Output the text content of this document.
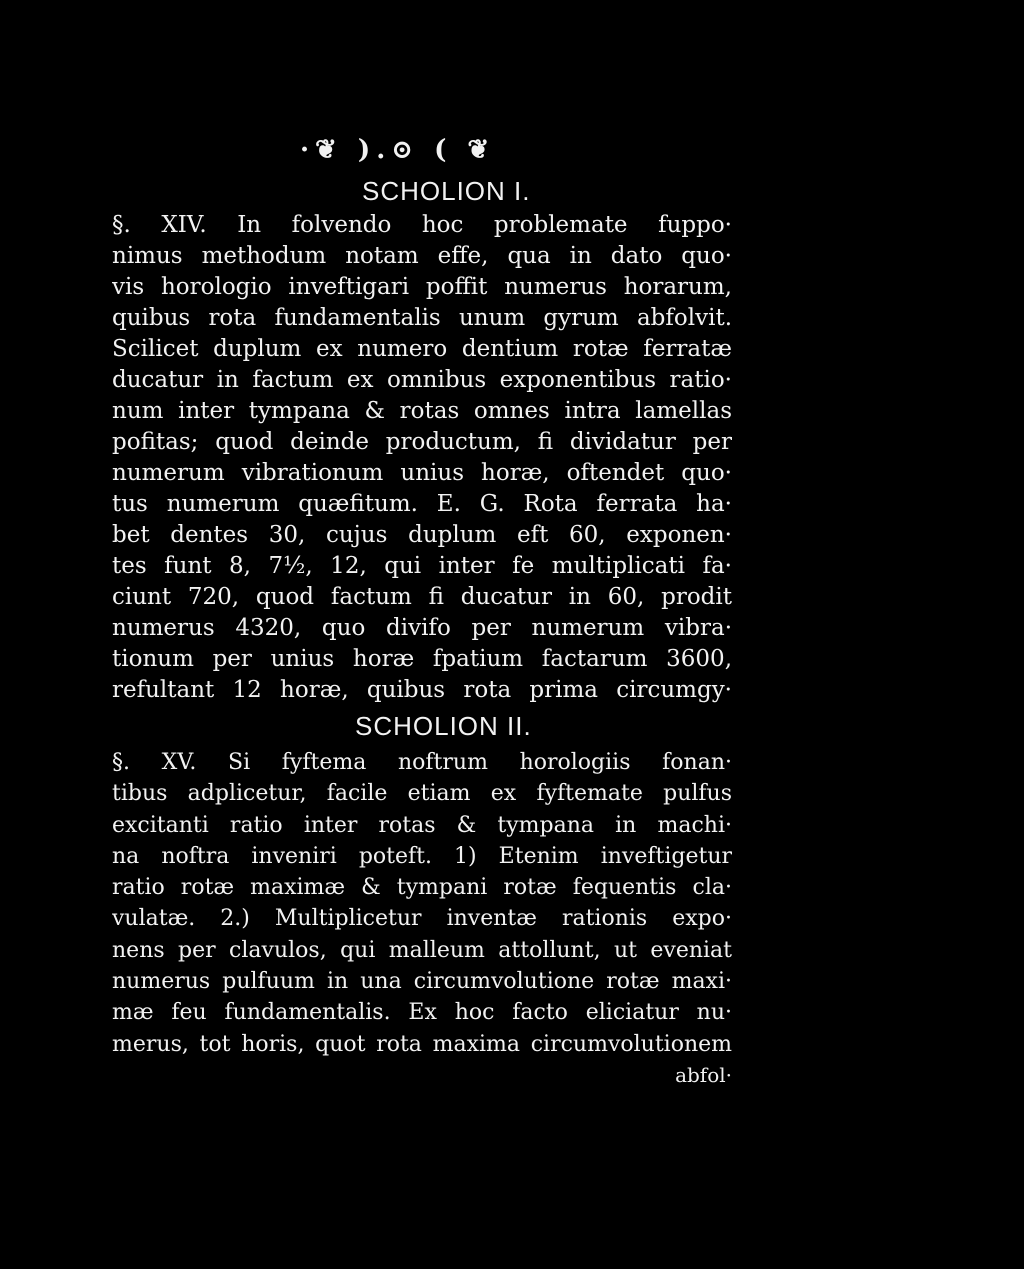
·❦ ).⊙ ( ❦
SCHOLION I.
§. XIV. In folvendo hoc problemate fuppo·
nimus methodum notam effe, qua in dato quo·
vis horologio inveftigari poffit numerus horarum,
quibus rota fundamentalis unum gyrum abfolvit.
Scilicet duplum ex numero dentium rotæ ferratæ
ducatur in factum ex omnibus exponentibus ratio·
num inter tympana & rotas omnes intra lamellas
pofitas; quod deinde productum, fi dividatur per
numerum vibrationum unius horæ, oftendet quo·
tus numerum quæfitum. E. G. Rota ferrata ha·
bet dentes 30, cujus duplum eft 60, exponen·
tes funt 8, 7½, 12, qui inter fe multiplicati fa·
ciunt 720, quod factum fi ducatur in 60, prodit
numerus 4320, quo divifo per numerum vibra·
tionum per unius horæ fpatium factarum 3600,
refultant 12 horæ, quibus rota prima circumgy·
SCHOLION II.
§. XV. Si fyftema noftrum horologiis fonan·
tibus adplicetur, facile etiam ex fyftemate pulfus
excitanti ratio inter rotas & tympana in machi·
na noftra inveniri poteft. 1) Etenim inveftigetur
ratio rotæ maximæ & tympani rotæ fequentis cla·
vulatæ. 2.) Multiplicetur inventæ rationis expo·
nens per clavulos, qui malleum attollunt, ut eveniat
numerus pulfuum in una circumvolutione rotæ maxi·
mæ feu fundamentalis. Ex hoc facto eliciatur nu·
merus, tot horis, quot rota maxima circumvolutionem
abfol·
